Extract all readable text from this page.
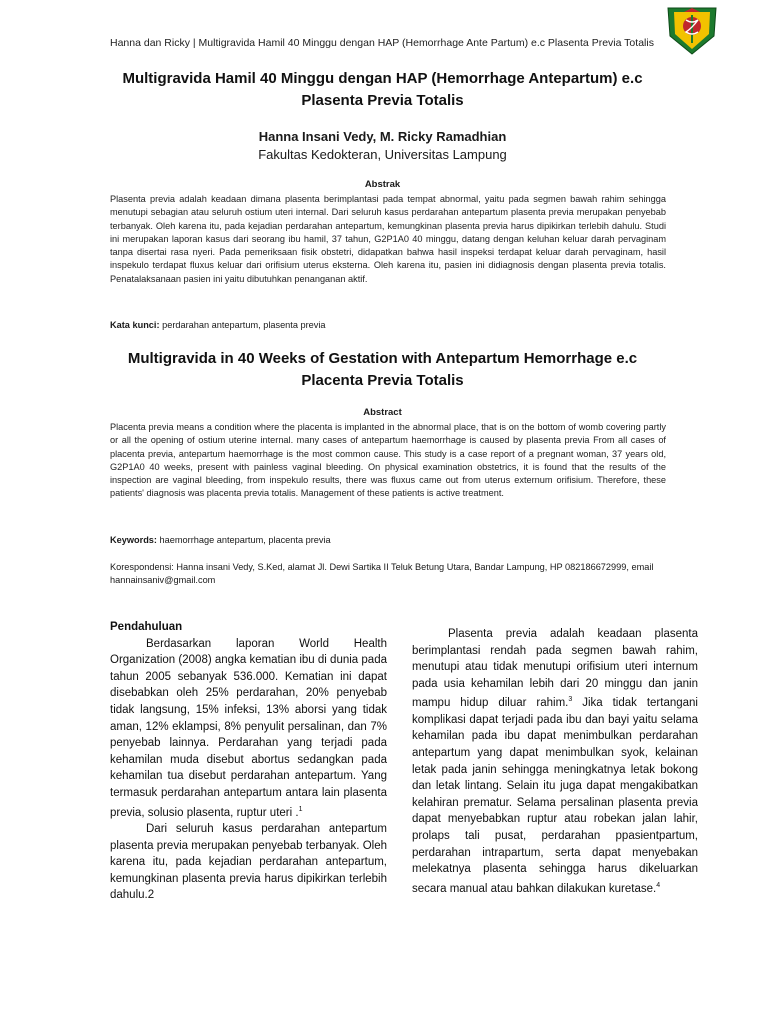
Hanna dan Ricky | Multigravida Hamil 40 Minggu dengan HAP (Hemorrhage Ante Partum) e.c Plasenta Previa Totalis
Multigravida Hamil 40 Minggu dengan HAP (Hemorrhage Antepartum) e.c Plasenta Previa Totalis
Hanna Insani Vedy, M. Ricky Ramadhian
Fakultas Kedokteran, Universitas Lampung
Abstrak
Plasenta previa adalah keadaan dimana plasenta berimplantasi pada tempat abnormal, yaitu pada segmen bawah rahim sehingga menutupi sebagian atau seluruh ostium uteri internal. Dari seluruh kasus perdarahan antepartum plasenta previa merupakan penyebab terbanyak. Oleh karena itu, pada kejadian perdarahan antepartum, kemungkinan plasenta previa harus dipikirkan terlebih dahulu. Studi ini merupakan laporan kasus dari seorang ibu hamil, 37 tahun, G2P1A0 40 minggu, datang dengan keluhan keluar darah pervaginam tanpa disertai rasa nyeri. Pada pemeriksaan fisik obstetri, didapatkan bahwa hasil inspeksi terdapat keluar darah pervaginam, hasil inspekulo terdapat fluxus keluar dari orifisium uterus eksterna. Oleh karena itu, pasien ini didiagnosis dengan plasenta previa totalis. Penatalaksanaan pasien ini yaitu dibutuhkan penanganan aktif.
Kata kunci: perdarahan antepartum, plasenta previa
Multigravida in 40 Weeks of Gestation with Antepartum Hemorrhage e.c Placenta Previa Totalis
Abstract
Placenta previa means a condition where the placenta is implanted in the abnormal place, that is on the bottom of womb covering partly or all the opening of ostium uterine internal. many cases of antepartum haemorrhage is caused by plasenta previa From all cases of placenta previa, antepartum haemorrhage is the most common cause. This study is a case report of a pregnant woman, 37 years old, G2P1A0 40 weeks, present with painless vaginal bleeding. On physical examination obstetrics, it is found that the results of the inspection are vaginal bleeding, from inspekulo results, there was fluxus came out from uterus externum orifisium. Therefore, these patients' diagnosis was placenta previa totalis. Management of these patients is active treatment.
Keywords: haemorrhage antepartum, placenta previa
Korespondensi: Hanna insani Vedy, S.Ked, alamat Jl. Dewi Sartika II Teluk Betung Utara, Bandar Lampung, HP 082186672999, email hannainsaniv@gmail.com

Pendahuluan

Berdasarkan laporan World Health Organization (2008) angka kematian ibu di dunia pada tahun 2005 sebanyak 536.000. Kematian ini dapat disebabkan oleh 25% perdarahan, 20% penyebab tidak langsung, 15% infeksi, 13% aborsi yang tidak aman, 12% eklampsi, 8% penyulit persalinan, dan 7% penyebab lainnya. Perdarahan yang terjadi pada kehamilan muda disebut abortus sedangkan pada kehamilan tua disebut perdarahan antepartum. Yang termasuk perdarahan antepartum antara lain plasenta previa, solusio plasenta, ruptur uteri .$^1$

Dari seluruh kasus perdarahan antepartum plasenta previa merupakan penyebab terbanyak. Oleh karena itu, pada kejadian perdarahan antepartum, kemungkinan plasenta previa harus dipikirkan terlebih dahulu.2

Plasenta previa adalah keadaan plasenta berimplantasi rendah pada segmen bawah rahim, menutupi atau tidak menutupi orifisium uteri internum pada usia kehamilan lebih dari 20 minggu dan janin mampu hidup diluar rahim.$^3$ Jika tidak tertangani komplikasi dapat terjadi pada ibu dan bayi yaitu selama kehamilan pada ibu dapat menimbulkan perdarahan antepartum yang dapat menimbulkan syok, kelainan letak pada janin sehingga meningkatnya letak bokong dan letak lintang. Selain itu juga dapat mengakibatkan kelahiran prematur. Selama persalinan plasenta previa dapat menyebabkan ruptur atau robekan jalan lahir, prolaps tali pusat, perdarahan ppasientpartum, perdarahan intrapartum, serta dapat menyebakan melekatnya plasenta sehingga harus dikeluarkan secara manual atau bahkan dilakukan kuretase.$^4$
